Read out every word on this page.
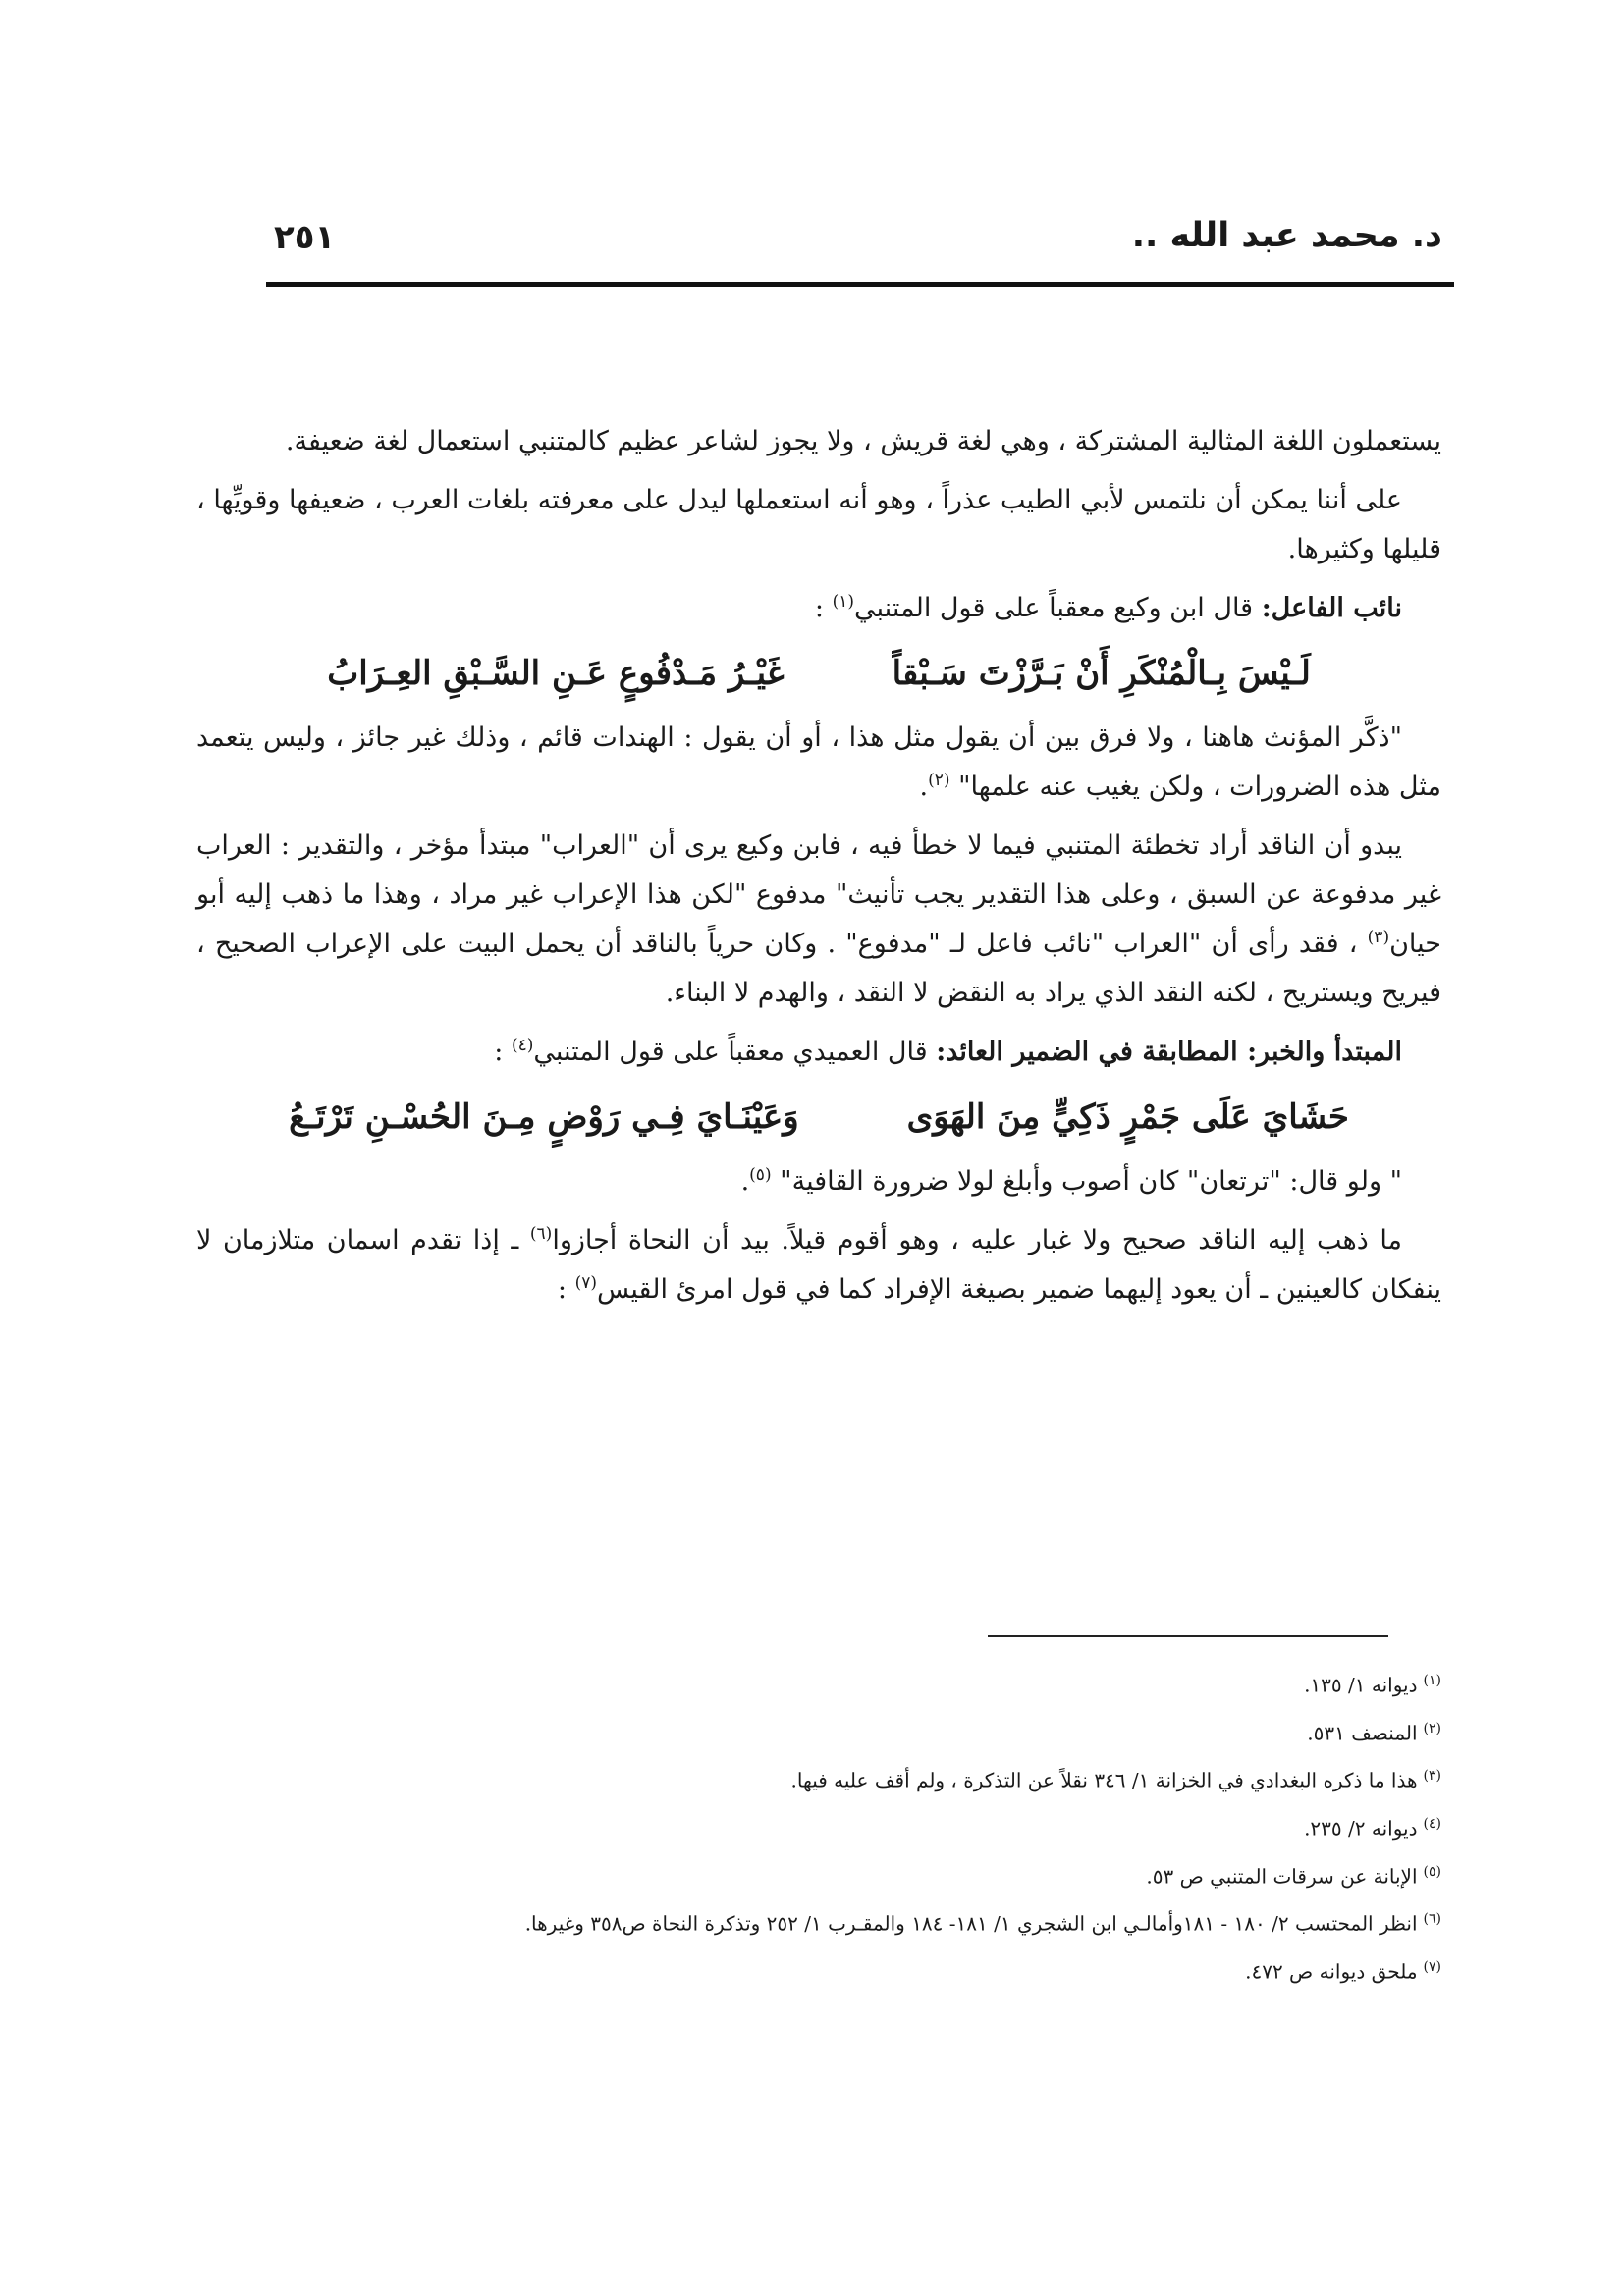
د. محمد عبد الله ..
٢٥١

يستعملون اللغة المثالية المشتركة ، وهي لغة قريش ، ولا يجوز لشاعر عظيم كالمتنبي استعمال لغة ضعيفة.

على أننا يمكن أن نلتمس لأبي الطيب عذراً ، وهو أنه استعملها ليدل على معرفته بلغات العرب ، ضعيفها وقويِّها ، قليلها وكثيرها.

نائب الفاعل: قال ابن وكيع معقباً على قول المتنبي$^{(١)}$ :

لَـيْسَ بِـالْمُنْكَرِ أَنْ بَـرَّزْتَ سَـبْقاً
غَيْـرُ مَـدْفُوعٍ عَـنِ السَّـبْقِ العِـرَابُ

"ذكَّر المؤنث هاهنا ، ولا فرق بين أن يقول مثل هذا ، أو أن يقول : الهندات قائم ، وذلك غير جائز ، وليس يتعمد مثل هذه الضرورات ، ولكن يغيب عنه علمها" $^{(٢)}$.

يبدو أن الناقد أراد تخطئة المتنبي فيما لا خطأ فيه ، فابن وكيع يرى أن "العراب" مبتدأ مؤخر ، والتقدير : العراب غير مدفوعة عن السبق ، وعلى هذا التقدير يجب تأنيث" مدفوع "لكن هذا الإعراب غير مراد ، وهذا ما ذهب إليه أبو حيان$^{(٣)}$ ، فقد رأى أن "العراب "نائب فاعل لـ "مدفوع" . وكان حرياً بالناقد أن يحمل البيت على الإعراب الصحيح ، فيريح ويستريح ، لكنه النقد الذي يراد به النقض لا النقد ، والهدم لا البناء.

المبتدأ والخبر: المطابقة في الضمير العائد: قال العميدي معقباً على قول المتنبي$^{(٤)}$ :

حَشَايَ عَلَى جَمْرٍ ذَكِيٍّ مِنَ الهَوَى
وَعَيْنَـايَ فِـي رَوْضٍ مِـنَ الحُسْـنِ تَرْتَـعُ

" ولو قال: "ترتعان" كان أصوب وأبلغ لولا ضرورة القافية" $^{(٥)}$.

ما ذهب إليه الناقد صحيح ولا غبار عليه ، وهو أقوم قيلاً. بيد أن النحاة أجازوا$^{(٦)}$ ـ إذا تقدم اسمان متلازمان لا ينفكان كالعينين ـ أن يعود إليهما ضمير بصيغة الإفراد كما في قول امرئ القيس$^{(٧)}$ :

$^{(١)}$ديوانه ١/ ١٣٥.
$^{(٢)}$المنصف ٥٣١.
$^{(٣)}$هذا ما ذكره البغدادي في الخزانة ١/ ٣٤٦ نقلاً عن التذكرة ، ولم أقف عليه فيها.
$^{(٤)}$ديوانه ٢/ ٢٣٥.
$^{(٥)}$الإبانة عن سرقات المتنبي ص ٥٣.
$^{(٦)}$انظر المحتسب ٢/ ١٨٠ - ١٨١وأمالـي ابن الشجري ١/ ١٨١- ١٨٤ والمقـرب ١/ ٢٥٢ وتذكرة النحاة ص٣٥٨ وغيرها.
$^{(٧)}$ملحق ديوانه ص ٤٧٢.
